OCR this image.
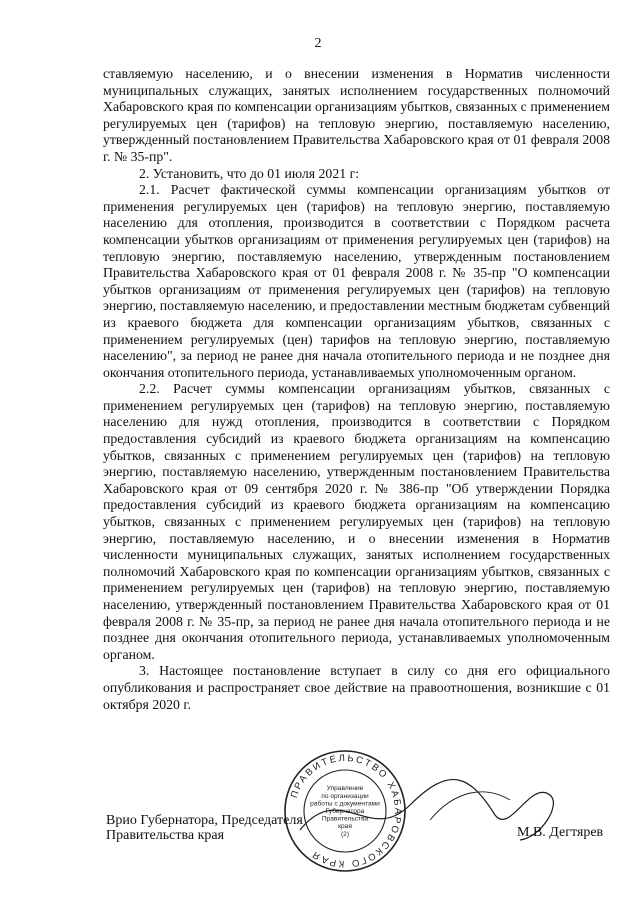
2

ставляемую населению, и о внесении изменения в Норматив численности муниципальных служащих, занятых исполнением государственных полномочий Хабаровского края по компенсации организациям убытков, связанных с применением регулируемых цен (тарифов) на тепловую энергию, поставляемую населению, утвержденный постановлением Правительства Хабаровского края от 01 февраля 2008 г. № 35-пр".

2. Установить, что до 01 июля 2021 г:

2.1. Расчет фактической суммы компенсации организациям убытков от применения регулируемых цен (тарифов) на тепловую энергию, поставляемую населению для отопления, производится в соответствии с Порядком расчета компенсации убытков организациям от применения регулируемых цен (тарифов) на тепловую энергию, поставляемую населению, утвержденным постановлением Правительства Хабаровского края от 01 февраля 2008 г. № 35-пр "О компенсации убытков организациям от применения регулируемых цен (тарифов) на тепловую энергию, поставляемую населению, и предоставлении местным бюджетам субвенций из краевого бюджета для компенсации организациям убытков, связанных с применением регулируемых (цен) тарифов на тепловую энергию, поставляемую населению", за период не ранее дня начала отопительного периода и не позднее дня окончания отопительного периода, устанавливаемых уполномоченным органом.

2.2. Расчет суммы компенсации организациям убытков, связанных с применением регулируемых цен (тарифов) на тепловую энергию, поставляемую населению для нужд отопления, производится в соответствии с Порядком предоставления субсидий из краевого бюджета организациям на компенсацию убытков, связанных с применением регулируемых цен (тарифов) на тепловую энергию, поставляемую населению, утвержденным постановлением Правительства Хабаровского края от 09 сентября 2020 г. № 386-пр "Об утверждении Порядка предоставления субсидий из краевого бюджета организациям на компенсацию убытков, связанных с применением регулируемых цен (тарифов) на тепловую энергию, поставляемую населению, и о внесении изменения в Норматив численности муниципальных служащих, занятых исполнением государственных полномочий Хабаровского края по компенсации организациям убытков, связанных с применением регулируемых цен (тарифов) на тепловую энергию, поставляемую населению, утвержденный постановлением Правительства Хабаровского края от 01 февраля 2008 г. № 35-пр, за период не ранее дня начала отопительного периода и не позднее дня окончания отопительного периода, устанавливаемых уполномоченным органом.

3. Настоящее постановление вступает в силу со дня его официального опубликования и распространяет свое действие на правоотношения, возникшие с 01 октября 2020 г.

ПРАВИТЕЛЬСТВО ХАБАРОВСКОГО КРАЯ
Управление
по организации
работы с документами
Губернатора
Правительства
края
(2)
Врио Губернатора, Председателя
Правительства края	М.В. Дегтярев
